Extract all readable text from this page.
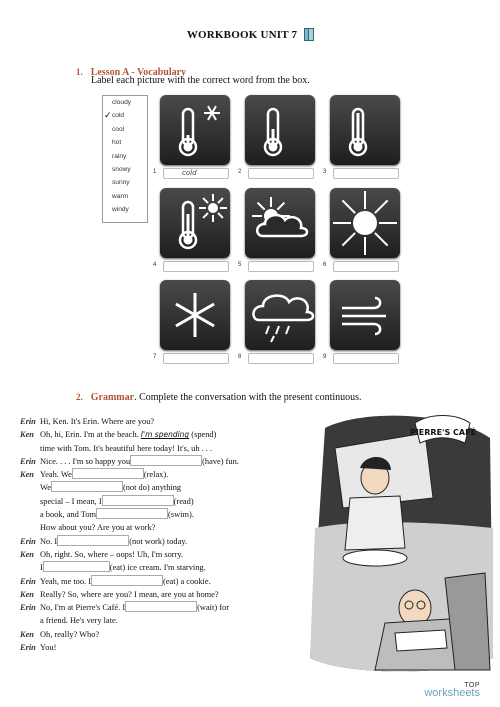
WORKBOOK UNIT 7
1. Lesson A - Vocabulary
Label each picture with the correct word from the box.
cloudy
✓ cold
cool
hot
rainy
snowy
sunny
warm
windy
1	cold	2	3
4	5	6
7	8	9
2. Grammar. Complete the conversation with the present continuous.
Erin Hi, Ken. It's Erin. Where are you?
Ken Oh, hi, Erin. I'm at the beach. I'm spending (spend)
time with Tom. It's beautiful here today! It's, uh . . .
Erin Nice. . . . I'm so happy you	(have) fun.
Ken Yeah. We	(relax).
We	(not do) anything
special – I mean, I	(read)
a book, and Tom	(swim).
How about you? Are you at work?
Erin No. I	(not work) today.
Ken Oh, right. So, where – oops! Uh, I'm sorry.
I	(eat) ice cream. I'm starving.
Erin Yeah, me too. I	(eat) a cookie.
Ken Really? So, where are you? I mean, are you at home?
Erin No, I'm at Pierre's Café. I	(wait) for
a friend. He's very late.
Ken Oh, really? Who?
Erin You!
PIERRE'S CAFÉ
TOP
worksheets
